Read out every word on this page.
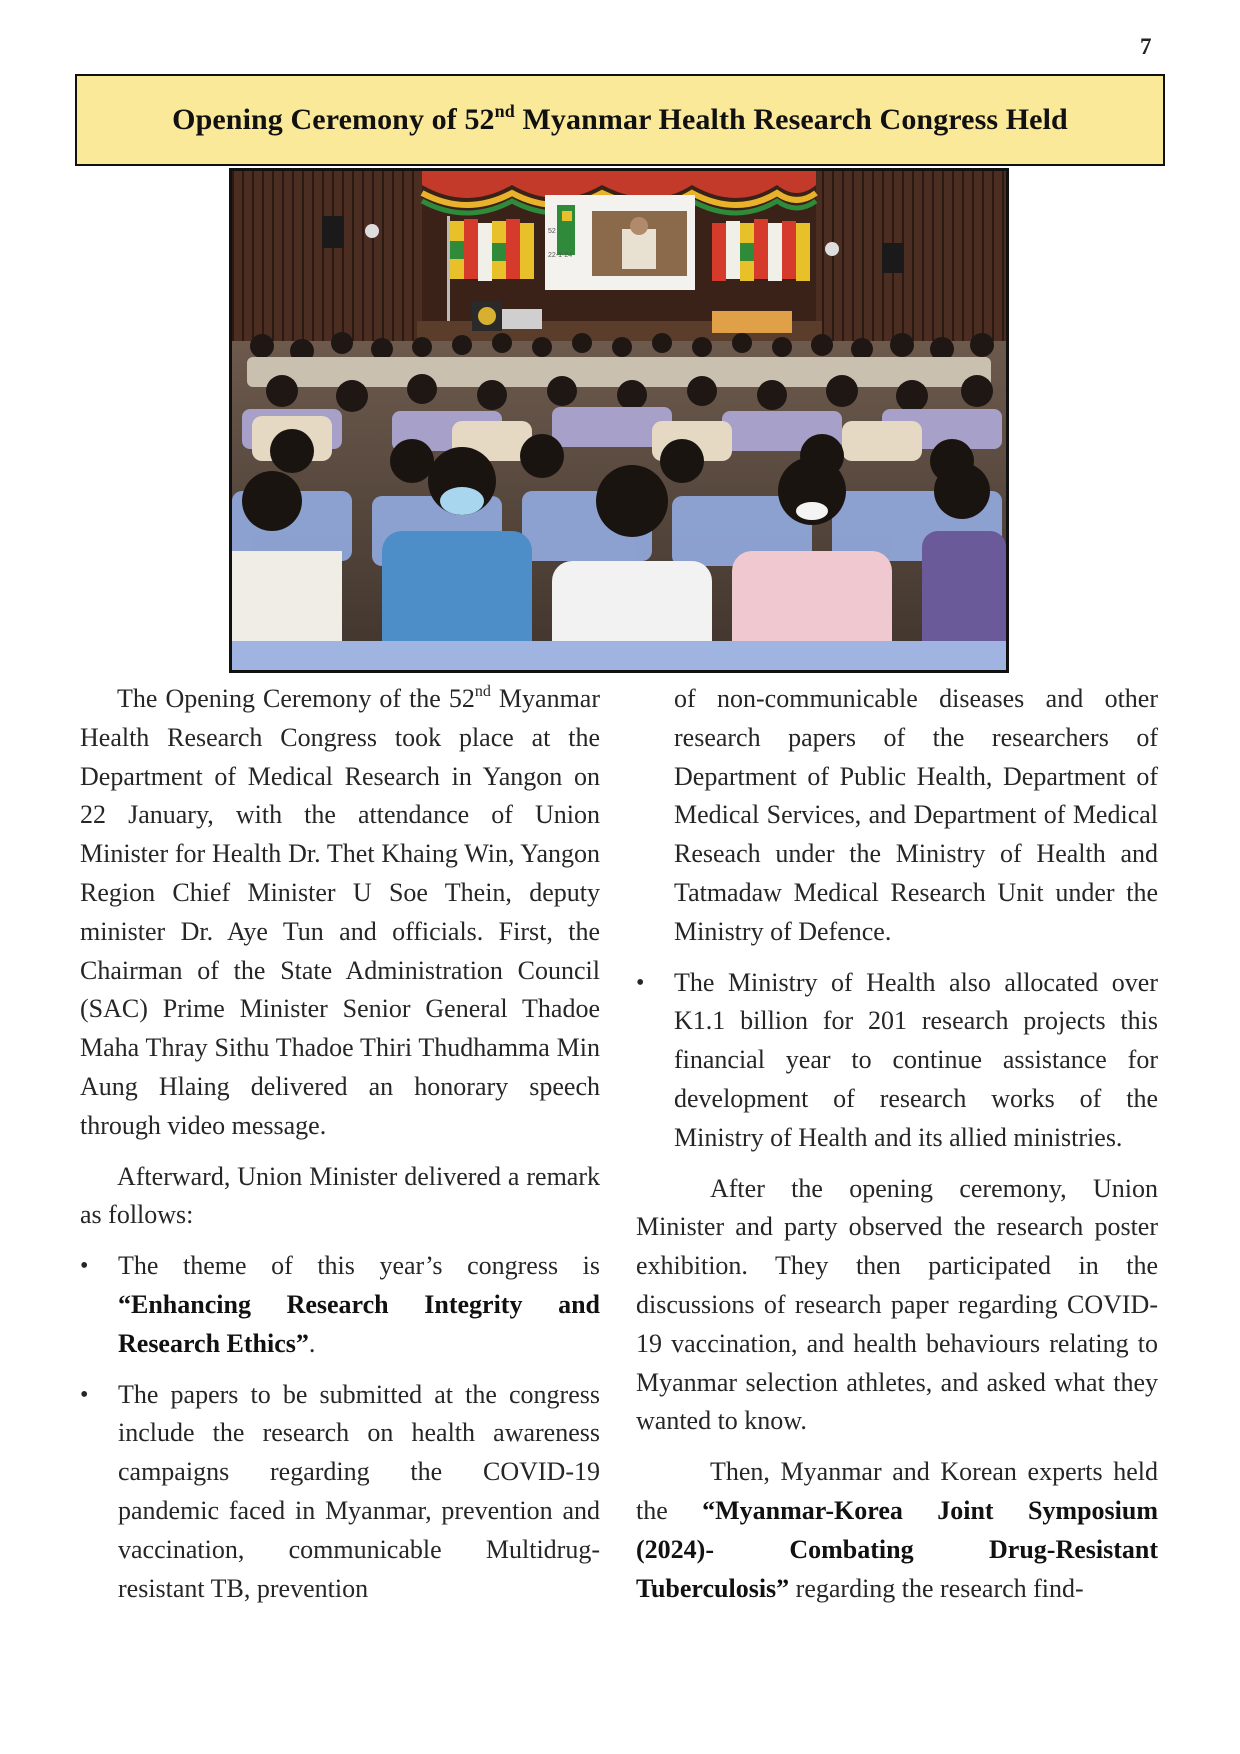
7
Opening Ceremony of 52nd Myanmar Health Research Congress Held
52
22-1-24

The Opening Ceremony of the 52nd Myanmar Health Research Congress took place at the Department of Medical Research in Yangon on 22 January, with the attendance of Union Minister for Health Dr. Thet Khaing Win, Yangon Region Chief Minister U Soe Thein, deputy minister Dr. Aye Tun and officials. First, the Chairman of the State Administration Council (SAC) Prime Minister Senior General Thadoe Maha Thray Sithu Thadoe Thiri Thudhamma Min Aung Hlaing delivered an honorary speech through video message.

Afterward, Union Minister delivered a remark as follows:

• The theme of this year’s congress is “Enhancing Research Integrity and Research Ethics”.

• The papers to be submitted at the congress include the research on health awareness campaigns regarding the COVID-19 pandemic faced in Myanmar, prevention and vaccination, communicable Multidrug-resistant TB, prevention

of non-communicable diseases and other research papers of the researchers of Department of Public Health, Department of Medical Services, and Department of Medical Reseach under the Ministry of Health and Tatmadaw Medical Research Unit under the Ministry of Defence.

• The Ministry of Health also allocated over K1.1 billion for 201 research projects this financial year to continue assistance for development of research works of the Ministry of Health and its allied ministries.

After the opening ceremony, Union Minister and party observed the research poster exhibition. They then participated in the discussions of research paper regarding COVID-19 vaccination, and health behaviours relating to Myanmar selection athletes, and asked what they wanted to know.

Then, Myanmar and Korean experts held the “Myanmar-Korea Joint Symposium (2024)- Combating Drug-Resistant Tuberculosis” regarding the research find-
